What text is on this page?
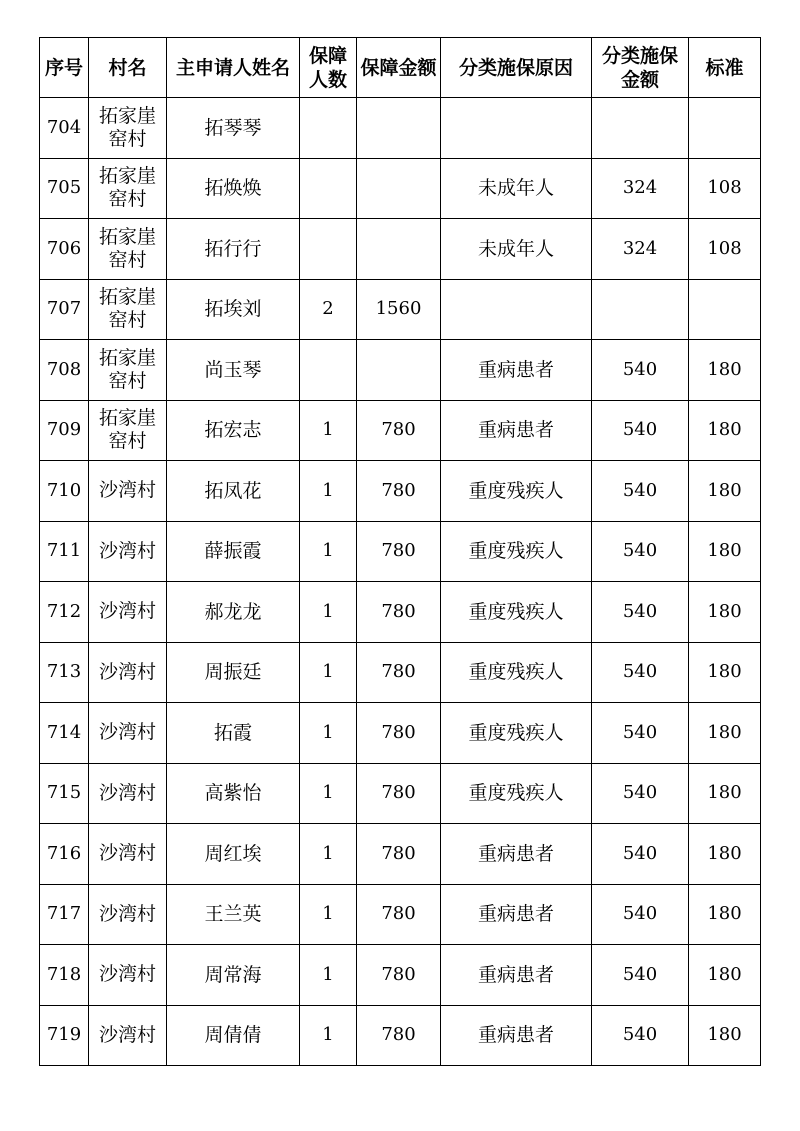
序号	村名	主申请人姓名	保障人数	保障金额	分类施保原因	分类施保金额	标准
704	拓家崖窑村	拓琴琴					
705	拓家崖窑村	拓焕焕			未成年人	324	108
706	拓家崖窑村	拓行行			未成年人	324	108
707	拓家崖窑村	拓埃刘	2	1560			
708	拓家崖窑村	尚玉琴			重病患者	540	180
709	拓家崖窑村	拓宏志	1	780	重病患者	540	180
710	沙湾村	拓凤花	1	780	重度残疾人	540	180
711	沙湾村	薛振霞	1	780	重度残疾人	540	180
712	沙湾村	郝龙龙	1	780	重度残疾人	540	180
713	沙湾村	周振廷	1	780	重度残疾人	540	180
714	沙湾村	拓霞	1	780	重度残疾人	540	180
715	沙湾村	高紫怡	1	780	重度残疾人	540	180
716	沙湾村	周红埃	1	780	重病患者	540	180
717	沙湾村	王兰英	1	780	重病患者	540	180
718	沙湾村	周常海	1	780	重病患者	540	180
719	沙湾村	周倩倩	1	780	重病患者	540	180
